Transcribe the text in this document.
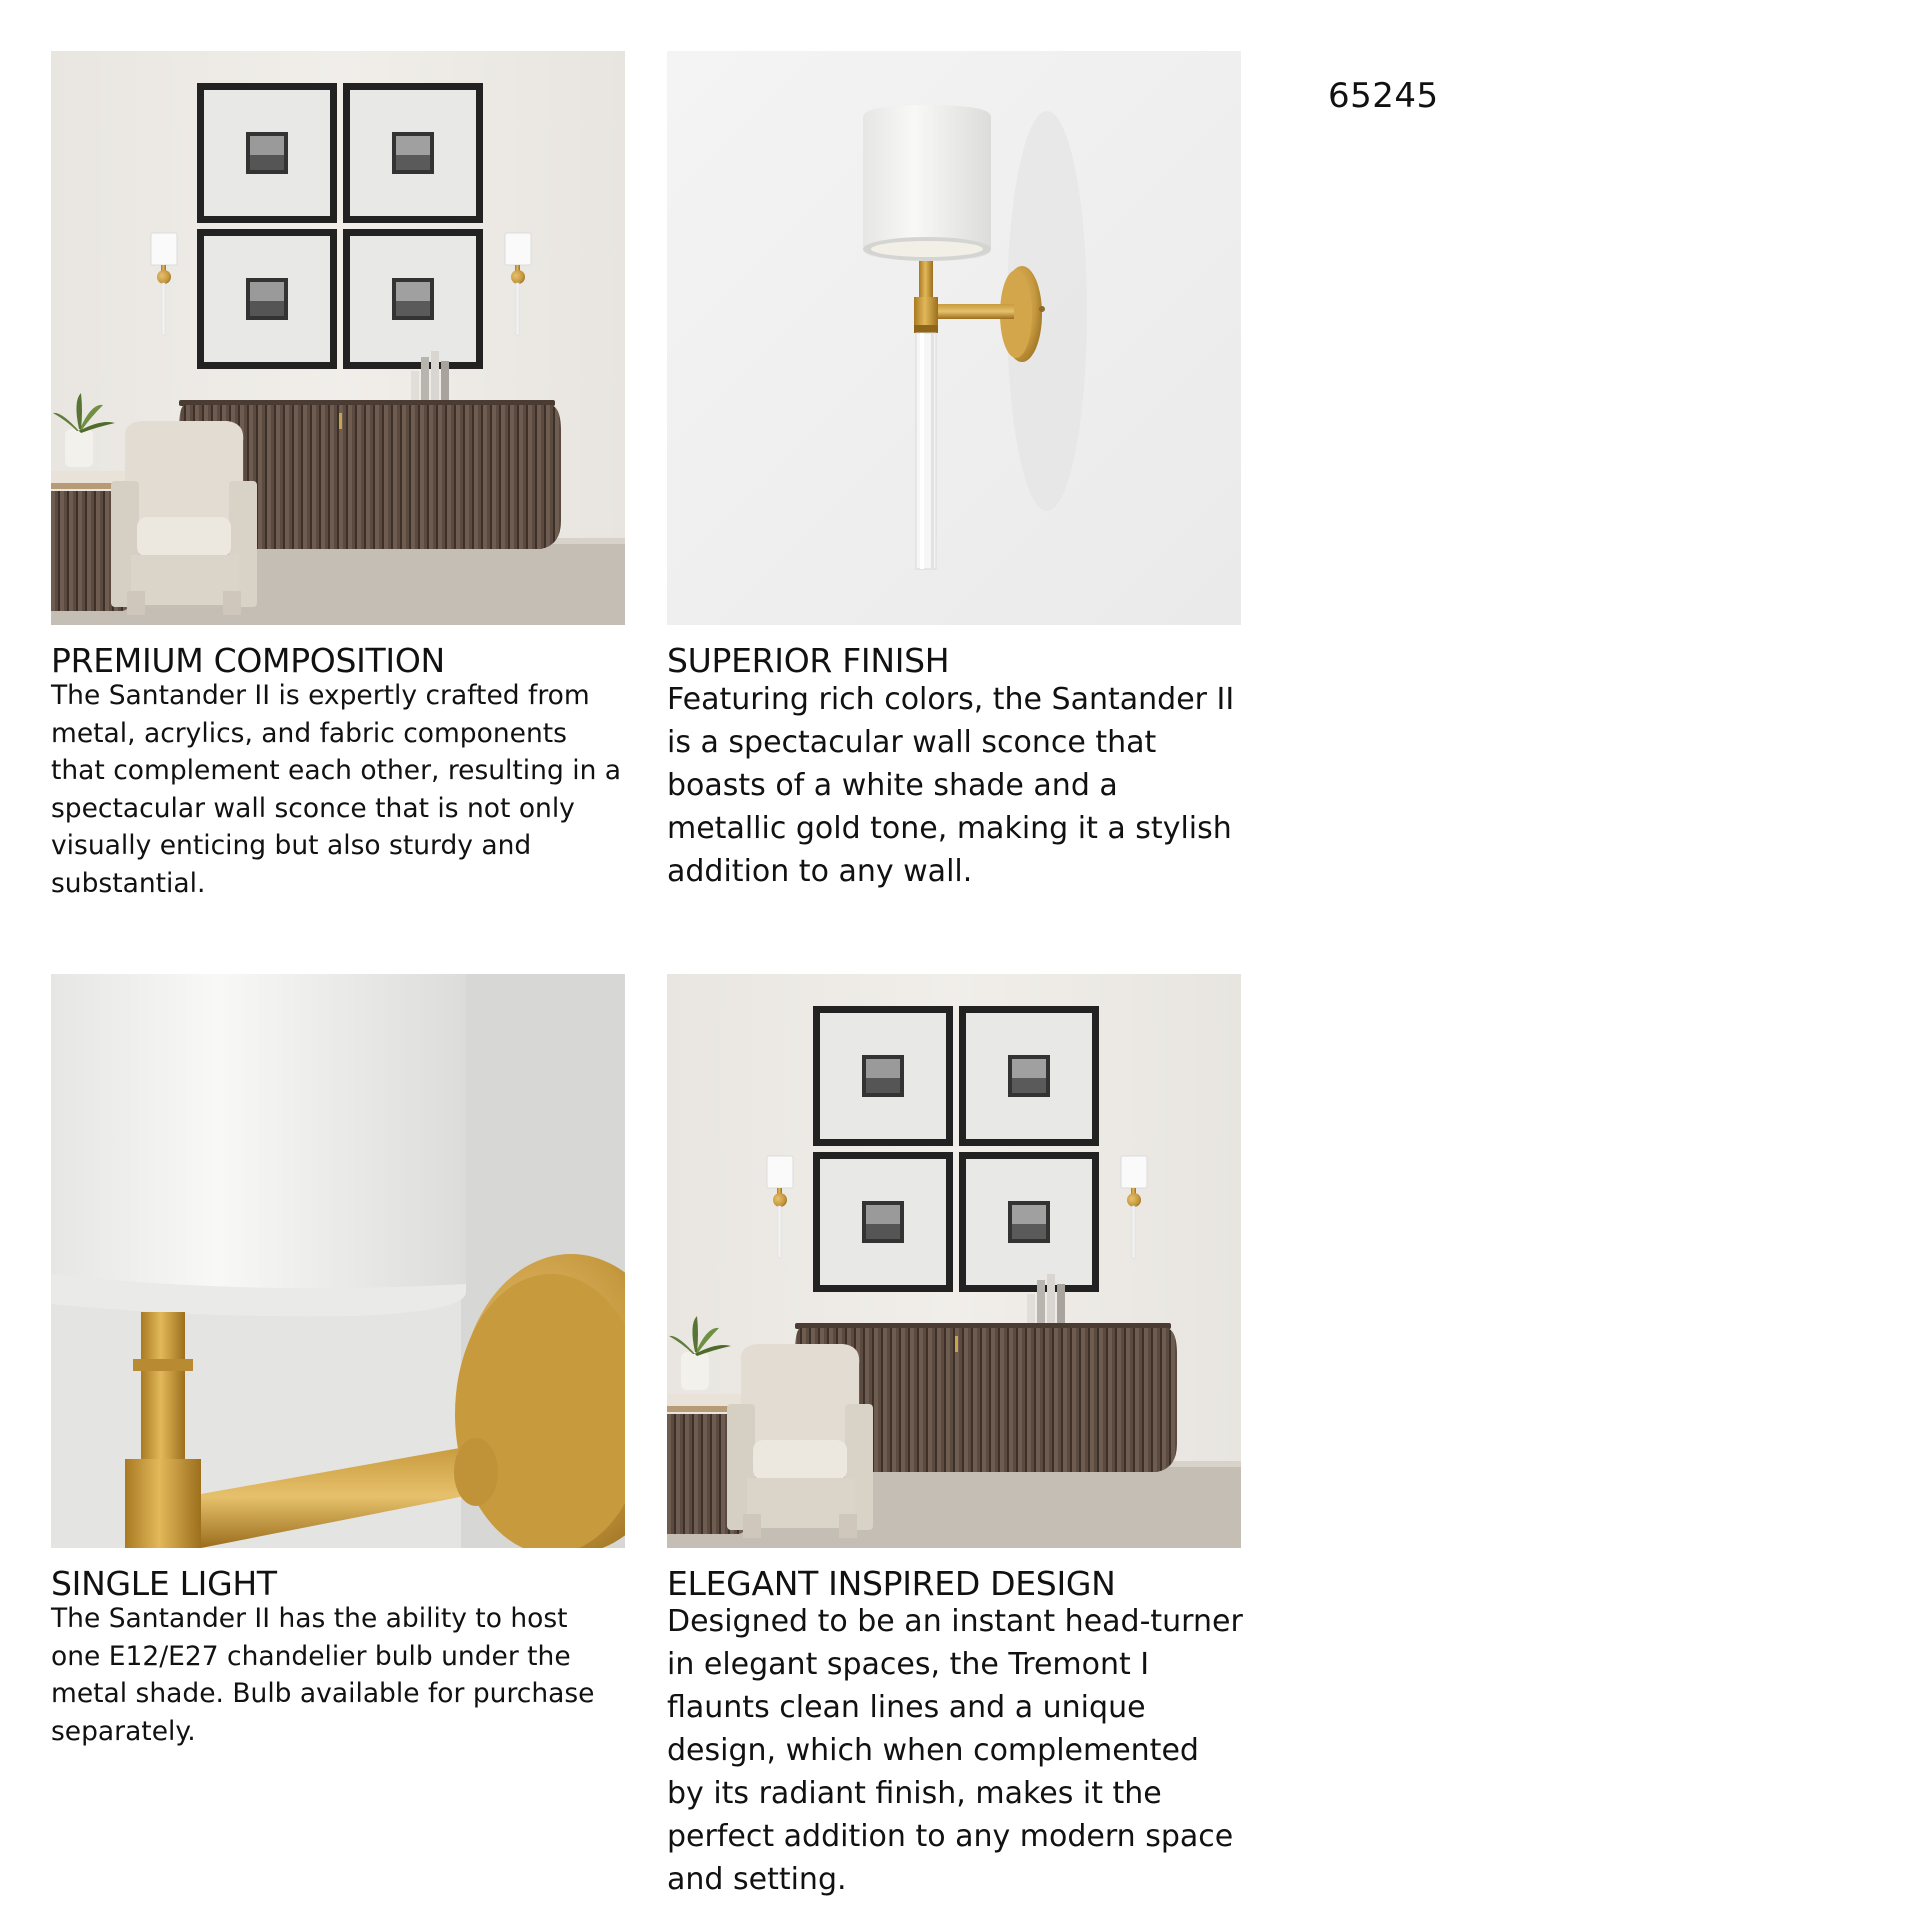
65245
PREMIUM COMPOSITION

The Santander II is expertly crafted from metal, acrylics, and fabric components that complement each other, resulting in a spectacular wall sconce that is not only visually enticing but also sturdy and substantial.

SUPERIOR FINISH

Featuring rich colors, the Santander II is a spectacular wall sconce that boasts of a white shade and a metallic gold tone, making it a stylish addition to any wall.

SINGLE LIGHT

The Santander II has the ability to host one E12/E27 chandelier bulb under the metal shade. Bulb available for purchase separately.

ELEGANT INSPIRED DESIGN

Designed to be an instant head-turner in elegant spaces, the Tremont I flaunts clean lines and a unique design, which when complemented by its radiant finish, makes it the perfect addition to any modern space and setting.
